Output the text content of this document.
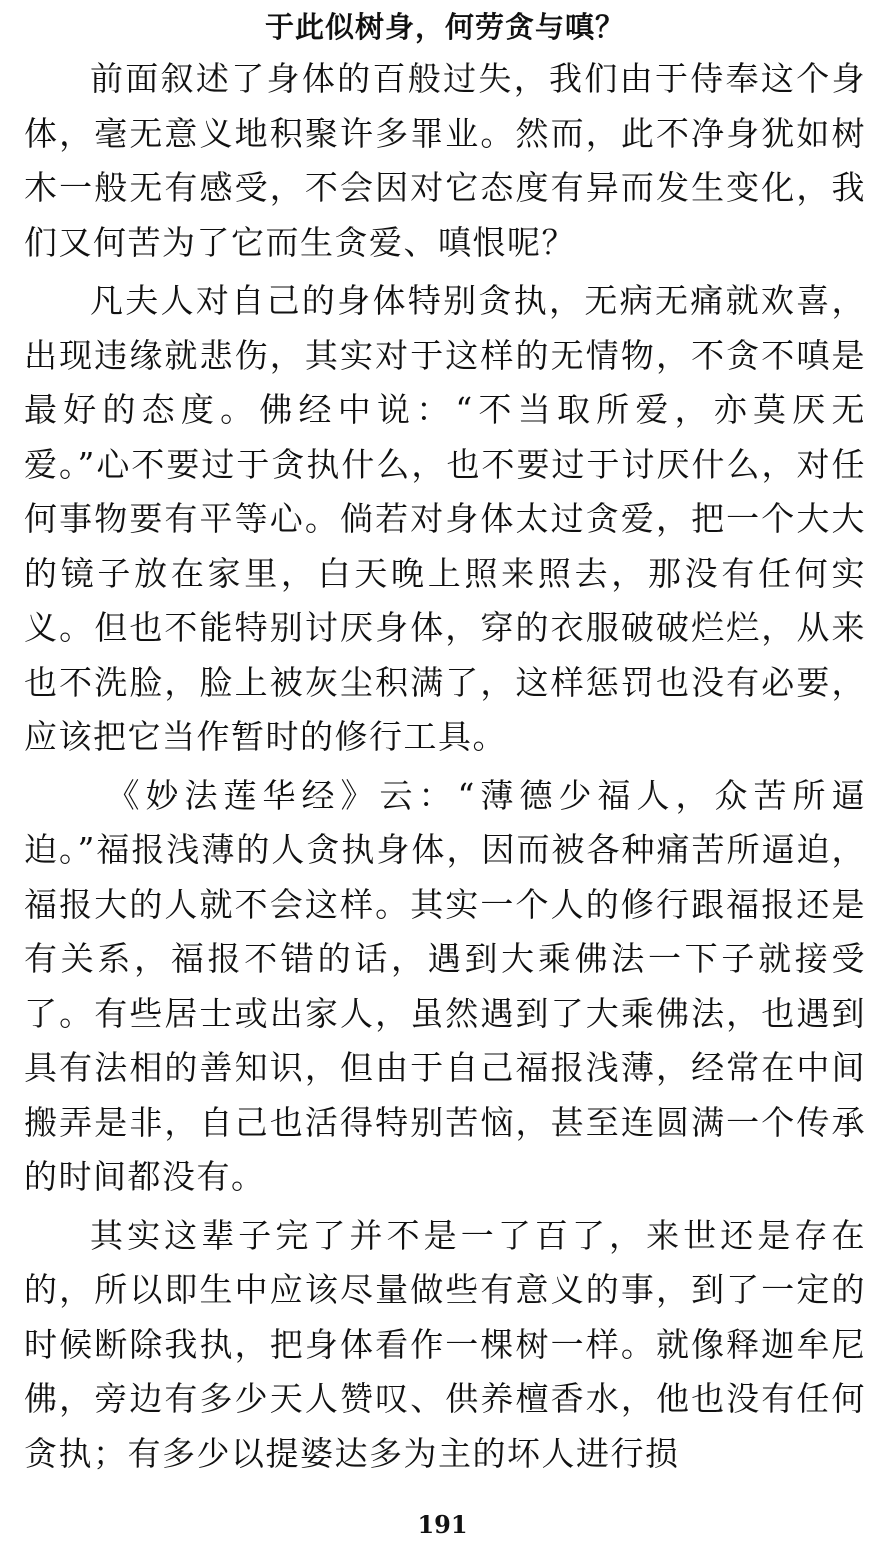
于此似树身，何劳贪与嗔？

前面叙述了身体的百般过失，我们由于侍奉这个身体，毫无意义地积聚许多罪业。然而，此不净身犹如树木一般无有感受，不会因对它态度有异而发生变化，我们又何苦为了它而生贪爱、嗔恨呢？

凡夫人对自己的身体特别贪执，无病无痛就欢喜，出现违缘就悲伤，其实对于这样的无情物，不贪不嗔是最好的态度。佛经中说：“不当取所爱，亦莫厌无爱。”心不要过于贪执什么，也不要过于讨厌什么，对任何事物要有平等心。倘若对身体太过贪爱，把一个大大的镜子放在家里，白天晚上照来照去，那没有任何实义。但也不能特别讨厌身体，穿的衣服破破烂烂，从来也不洗脸，脸上被灰尘积满了，这样惩罚也没有必要，应该把它当作暂时的修行工具。

《妙法莲华经》云：“薄德少福人，众苦所逼迫。”福报浅薄的人贪执身体，因而被各种痛苦所逼迫，福报大的人就不会这样。其实一个人的修行跟福报还是有关系，福报不错的话，遇到大乘佛法一下子就接受了。有些居士或出家人，虽然遇到了大乘佛法，也遇到具有法相的善知识，但由于自己福报浅薄，经常在中间搬弄是非，自己也活得特别苦恼，甚至连圆满一个传承的时间都没有。

其实这辈子完了并不是一了百了，来世还是存在的，所以即生中应该尽量做些有意义的事，到了一定的时候断除我执，把身体看作一棵树一样。就像释迦牟尼佛，旁边有多少天人赞叹、供养檀香水，他也没有任何贪执；有多少以提婆达多为主的坏人进行损

191
